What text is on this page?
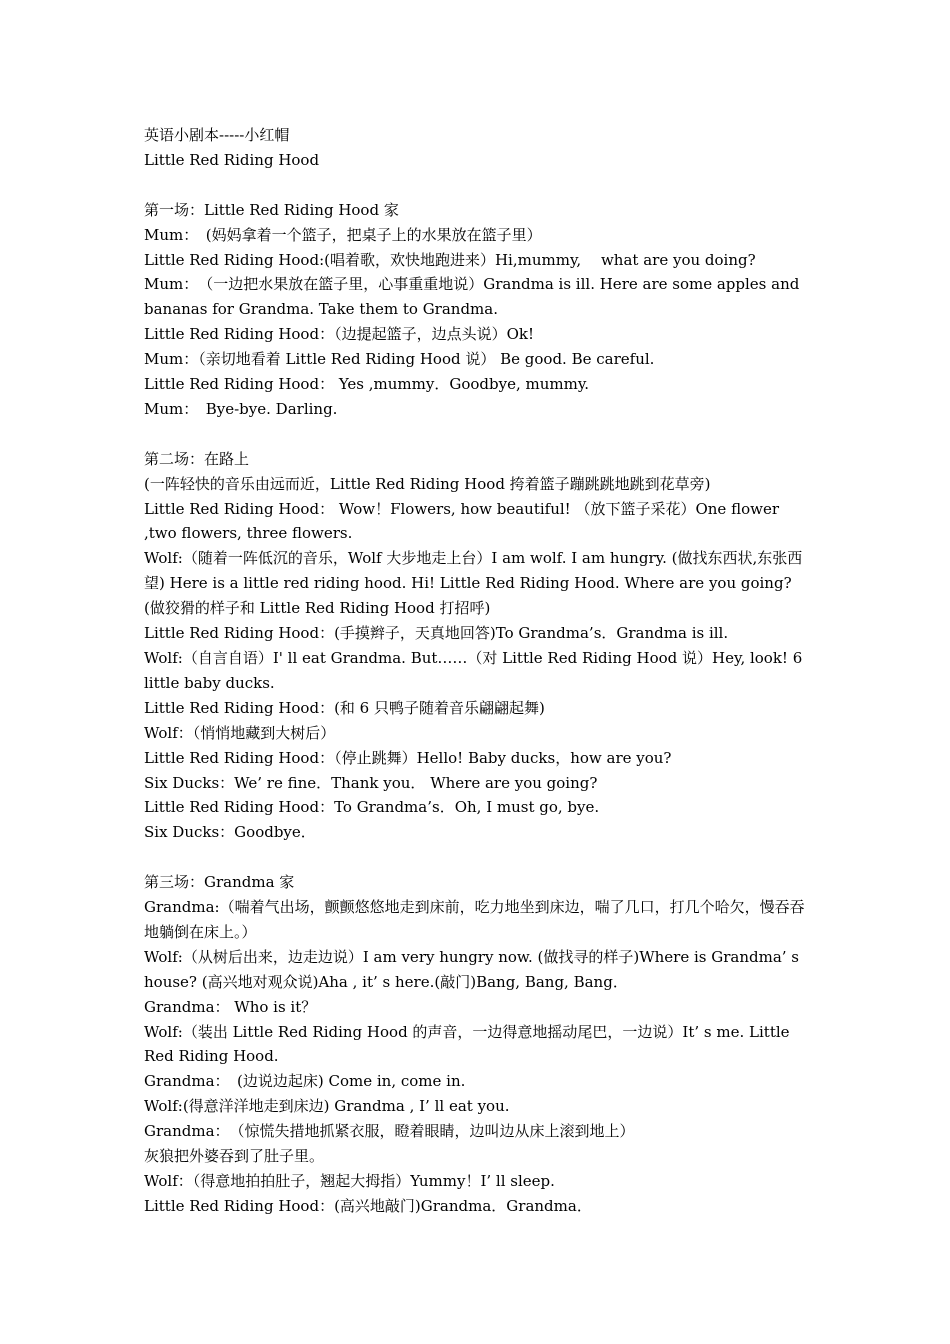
英语小剧本-----小红帽

Little Red Riding Hood

第一场：Little Red Riding Hood 家

Mum：　(妈妈拿着一个篮子，把桌子上的水果放在篮子里）

Little Red Riding Hood:(唱着歌，欢快地跑进来）Hi,mummy,　 what are you doing?

Mum：　（一边把水果放在篮子里，心事重重地说）Grandma is ill. Here are some apples and bananas for Grandma. Take them to Grandma.

Little Red Riding Hood：（边提起篮子，边点头说）Ok!

Mum：（亲切地看着 Little Red Riding Hood 说） Be good. Be careful.

Little Red Riding Hood： Yes ,mummy．Goodbye, mummy.

Mum：　Bye-bye. Darling.

第二场：在路上

(一阵轻快的音乐由远而近，Little Red Riding Hood 挎着篮子蹦跳跳地跳到花草旁)

Little Red Riding Hood： Wow！Flowers, how beautiful! （放下篮子采花）One flower ,two flowers, three flowers.

Wolf:（随着一阵低沉的音乐，Wolf 大步地走上台）I am wolf. I am hungry. (做找东西状,东张西望) Here is a little red riding hood. Hi! Little Red Riding Hood. Where are you going? (做狡猾的样子和 Little Red Riding Hood 打招呼)

Little Red Riding Hood：(手摸辫子，天真地回答)To Grandma’s．Grandma is ill.

Wolf:（自言自语）I' ll eat Grandma. But……（对 Little Red Riding Hood 说）Hey, look! 6 little baby ducks.

Little Red Riding Hood：(和 6 只鸭子随着音乐翩翩起舞)

Wolf：（悄悄地藏到大树后）

Little Red Riding Hood：（停止跳舞）Hello! Baby ducks，how are you?

Six Ducks：We’ re fine．Thank you． Where are you going?

Little Red Riding Hood：To Grandma’s．Oh, I must go, bye.

Six Ducks：Goodbye．

第三场：Grandma 家

Grandma:（喘着气出场，颤颤悠悠地走到床前，吃力地坐到床边，喘了几口，打几个哈欠，慢吞吞地躺倒在床上。）

Wolf:（从树后出来，边走边说）I am very hungry now. (做找寻的样子)Where is Grandma’ s house? (高兴地对观众说)Aha , it’ s here.(敲门)Bang, Bang, Bang．

Grandma： Who is it？

Wolf:（装出 Little Red Riding Hood 的声音，一边得意地摇动尾巴，一边说）It’ s me. Little Red Riding Hood.

Grandma：　(边说边起床) Come in, come in.

Wolf:(得意洋洋地走到床边) Grandma , I’ ll eat you.

Grandma：　（惊慌失措地抓紧衣服，瞪着眼睛，边叫边从床上滚到地上）

灰狼把外婆吞到了肚子里。

Wolf：（得意地拍拍肚子，翘起大拇指）Yummy！I’ ll sleep.

Little Red Riding Hood：(高兴地敲门)Grandma．Grandma．
